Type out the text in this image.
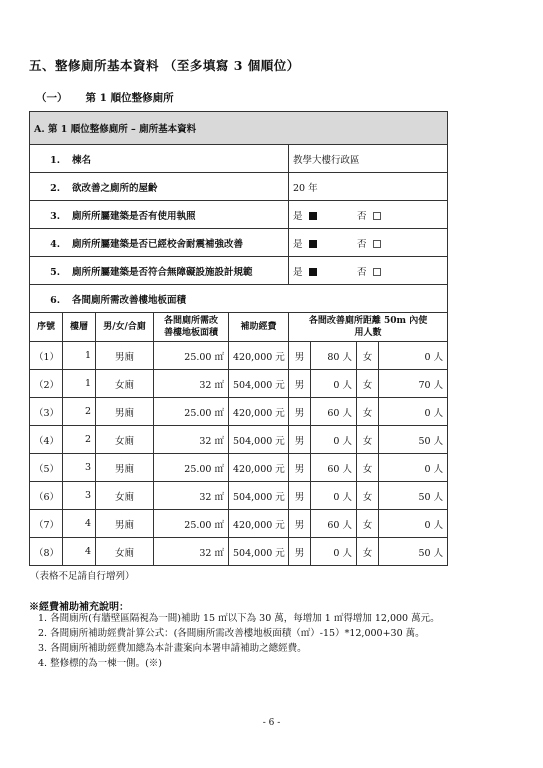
五、整修廁所基本資料 （至多填寫 3 個順位）
（一） 第 1 順位整修廁所
A. 第 1 順位整修廁所 – 廁所基本資料								
1. 棟名					教學大樓行政區			
2. 欲改善之廁所的屋齡					20 年			
3. 廁所所屬建築是否有使用執照					是 否			
4. 廁所所屬建築是否已經校舍耐震補強改善					是 否			
5. 廁所所屬建築是否符合無障礙設施設計規範					是 否			
6. 各間廁所需改善樓地板面積								
序號	樓層	男/女/合廁	各間廁所需改
善樓地板面積	補助經費	各間改善廁所距離 50m 內使
用人數			
（1）	1	男廁	25.00 ㎡	420,000 元	男	80 人	女	0 人
（2）	1	女廁	32 ㎡	504,000 元	男	0 人	女	70 人
（3）	2	男廁	25.00 ㎡	420,000 元	男	60 人	女	0 人
（4）	2	女廁	32 ㎡	504,000 元	男	0 人	女	50 人
（5）	3	男廁	25.00 ㎡	420,000 元	男	60 人	女	0 人
（6）	3	女廁	32 ㎡	504,000 元	男	0 人	女	50 人
（7）	4	男廁	25.00 ㎡	420,000 元	男	60 人	女	0 人
（8）	4	女廁	32 ㎡	504,000 元	男	0 人	女	50 人
（表格不足請自行增列）
※經費補助補充說明：
1. 各間廁所(有牆壁區隔視為一間)補助 15 ㎡以下為 30 萬，每增加 1 ㎡得增加 12,000 萬元。
2. 各間廁所補助經費計算公式：(各間廁所需改善樓地板面積（㎡）-15）*12,000+30 萬。
3. 各間廁所補助經費加總為本計畫案向本署申請補助之總經費。
4. 整修標的為一棟一側。(※)
- 6 -
